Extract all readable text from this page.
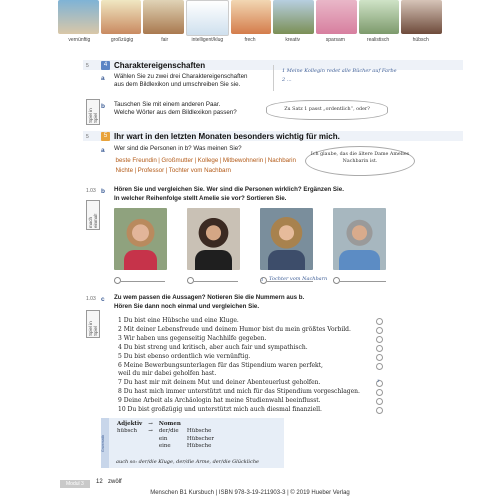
vernünftig	großzügig	fair	intelligent/klug	frech	kreativ	sparsam	realistisch	hübsch
5	4 Charaktereigenschaften
a Wählen Sie zu zwei drei Charaktereigenschaften
aus dem Bildlexikon und umschreiben Sie sie.
1 Meine Kollegin redet alle Bücher auf Farbe
2 ...
Spiel in Spiel
b Tauschen Sie mit einem anderen Paar.
Welche Wörter aus dem Bildlexikon passen?	Zu Satz 1 passt „ordentlich“, oder?
5	5 Ihr wart in den letzten Monaten besonders wichtig für mich.
a Wer sind die Personen in b? Was meinen Sie?
beste Freundin | Großmutter | Kollege | Mitbewohnerin | Nachbarin
Nichte | Professor | Tochter vom Nachbarn
Ich glaube, das die ältere Dame Amelies Nachbarin ist.
1.03
mach einmal!
b Hören Sie und vergleichen Sie. Wer sind die Personen wirklich? Ergänzen Sie.
In welcher Reihenfolge stellt Amelie sie vor? Sortieren Sie.
1 Tochter vom Nachbarn
1.03
Spiel in Spiel
c Zu wem passen die Aussagen? Notieren Sie die Nummern aus b.
Hören Sie dann noch einmal und vergleichen Sie.
1 Du bist eine Hübsche und eine Kluge.
2 Mit deiner Lebensfreude und deinem Humor bist du mein größtes Vorbild.
3 Wir haben uns gegenseitig Nachhilfe gegeben.
4 Du bist streng und kritisch, aber auch fair und sympathisch.
5 Du bist ebenso ordentlich wie vernünftig.
6 Meine Bewerbungsunterlagen für das Stipendium waren perfekt,
weil du mir dabei geholfen hast.
7 Du hast mir mit deinem Mut und deiner Abenteuerlust geholfen.
8 Du hast mich immer unterstützt und mich für das Stipendium vorgeschlagen.
9 Deine Arbeit als Archäologin hat meine Studienwahl beeinflusst.
10 Du bist großzügig und unterstützt mich auch diesmal finanziell.
3
Grammatik
Adjektiv	→	Nomen	
hübsch	→	der/die	Hübsche
		ein	Hübscher
		eine	Hübsche
auch so: der/die Kluge, der/die Arme, der/die Glückliche
Modul 3	12 zwölf
Menschen B1 Kursbuch | ISBN 978-3-19-211903-3 | © 2019 Hueber Verlag
